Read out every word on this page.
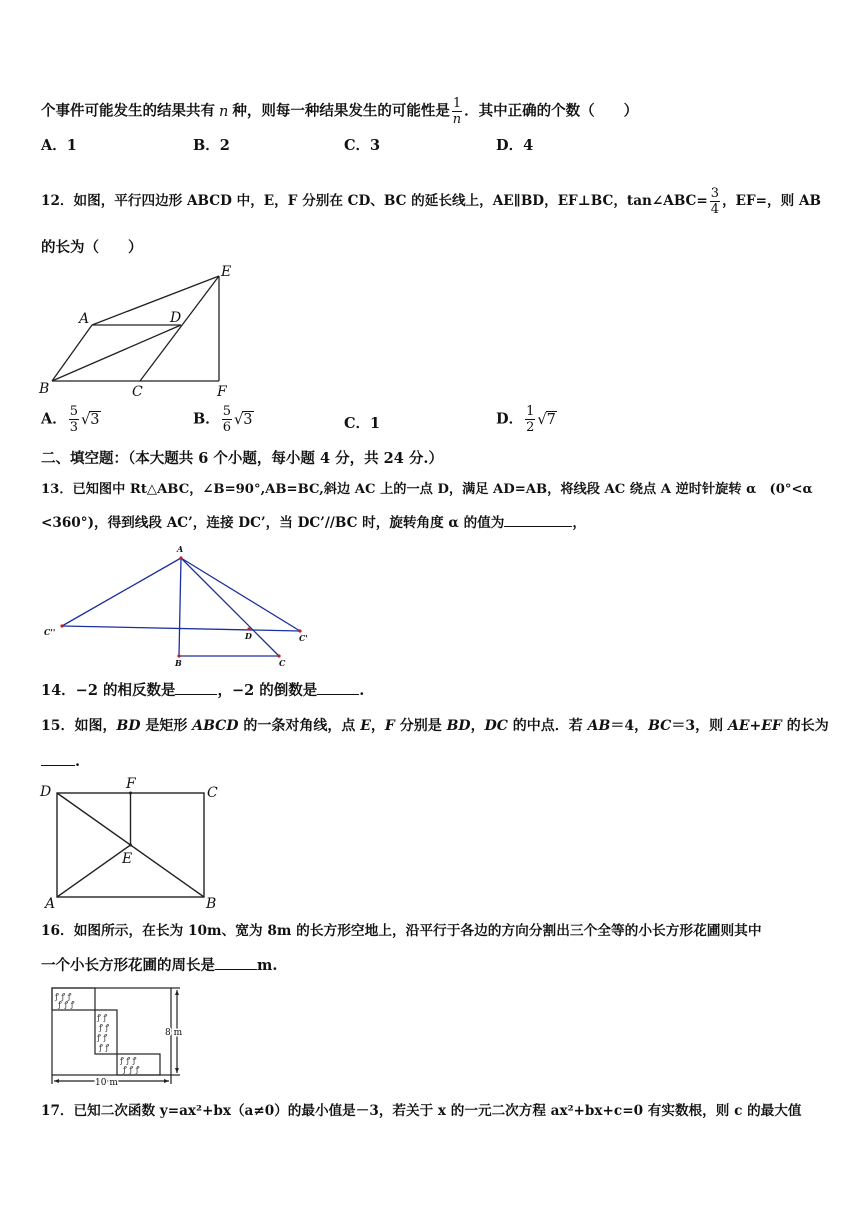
个事件可能发生的结果共有 n 种，则每一种结果发生的可能性是 $\frac{1}{n}$ ．其中正确的个数（　　）
A．1	B．2	C．3	D．4
12．如图，平行四边形 ABCD 中，E，F 分别在 CD、BC 的延长线上，AE∥BD，EF⊥BC，tan∠ABC= $\frac{3}{4}$ ，EF=，则 AB
的长为（　　）
A	D
E
B	C	F
A． $\frac{5}{3} √3$	B． $\frac{5}{6} √3$	C．1	D． $\frac{1}{2} √7$
二、填空题：（本大题共 6 个小题，每小题 4 分，共 24 分.）
13．已知图中 Rt△ABC，∠B=90°,AB=BC,斜边 AC 上的一点 D，满足 AD=AB，将线段 AC 绕点 A 逆时针旋转 α　(0°<α
<360°)，得到线段 AC’，连接 DC’，当 DC’//BC 时，旋转角度 α 的值为	，
A
C''
C'
D
B	C
14．−2 的相反数是	，−2 的倒数是	.
15．如图，BD 是矩形 ABCD 的一条对角线，点 E，F 分别是 BD，DC 的中点．若 AB＝4，BC＝3，则 AE+EF 的长为
.
D	F
C
E
A	B
16．如图所示，在长为 10m、宽为 8m 的长方形空地上，沿平行于各边的方向分割出三个全等的小长方形花圃则其中
一个小长方形花圃的周长是	m.
ꝭ ꝭ ꝭ
ꝭ ꝭ ꝭ
ꝭ ꝭ
ꝭ ꝭ
ꝭ ꝭ
ꝭ ꝭ
ꝭ ꝭ ꝭ
ꝭ ꝭ ꝭ
10 m
8 m
17．已知二次函数 y=ax²+bx（a≠0）的最小值是－3，若关于 x 的一元二次方程 ax²+bx+c=0 有实数根，则 c 的最大值
